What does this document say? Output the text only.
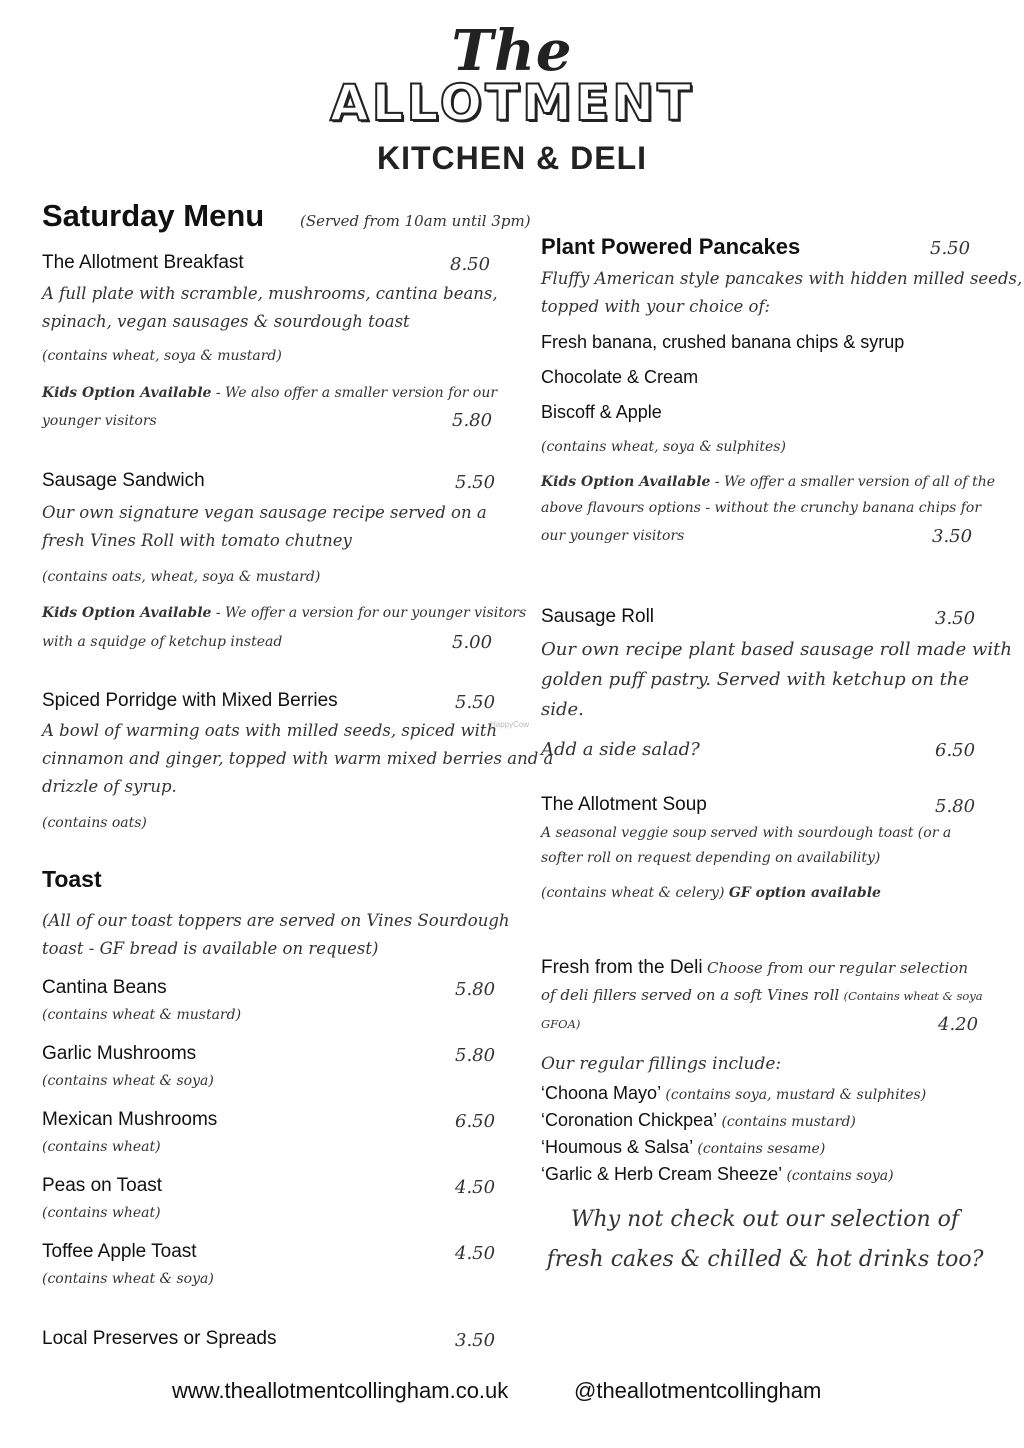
The
ALLOTMENT
KITCHEN & DELI
Saturday Menu (Served from 10am until 3pm)
The Allotment Breakfast	8.50
A full plate with scramble, mushrooms, cantina beans,
spinach, vegan sausages & sourdough toast
(contains wheat, soya & mustard)
Kids Option Available - We also offer a smaller version for our
younger visitors	5.80
Sausage Sandwich	5.50
Our own signature vegan sausage recipe served on a
fresh Vines Roll with tomato chutney
(contains oats, wheat, soya & mustard)
Kids Option Available - We offer a version for our younger visitors
with a squidge of ketchup instead	5.00
Spiced Porridge with Mixed Berries	5.50
HappyCow
A bowl of warming oats with milled seeds, spiced with
cinnamon and ginger, topped with warm mixed berries and a
drizzle of syrup.
(contains oats)
Toast
(All of our toast toppers are served on Vines Sourdough
toast - GF bread is available on request)
Cantina Beans	5.80
(contains wheat & mustard)
Garlic Mushrooms	5.80
(contains wheat & soya)
Mexican Mushrooms	6.50
(contains wheat)
Peas on Toast	4.50
(contains wheat)
Toffee Apple Toast	4.50
(contains wheat & soya)
Local Preserves or Spreads	3.50
Plant Powered Pancakes	5.50
Fluffy American style pancakes with hidden milled seeds,
topped with your choice of:
Fresh banana, crushed banana chips & syrup
Chocolate & Cream
Biscoff & Apple
(contains wheat, soya & sulphites)
Kids Option Available - We offer a smaller version of all of the
above flavours options - without the crunchy banana chips for
our younger visitors	3.50
Sausage Roll	3.50
Our own recipe plant based sausage roll made with
golden puff pastry. Served with ketchup on the
side.
Add a side salad?	6.50
The Allotment Soup	5.80
A seasonal veggie soup served with sourdough toast (or a
softer roll on request depending on availability)
(contains wheat & celery) GF option available
Fresh from the Deli Choose from our regular selection
of deli fillers served on a soft Vines roll (Contains wheat & soya
GFOA)	4.20
Our regular fillings include:
‘Choona Mayo’ (contains soya, mustard & sulphites)
‘Coronation Chickpea’ (contains mustard)
‘Houmous & Salsa’ (contains sesame)
‘Garlic & Herb Cream Sheeze’ (contains soya)
Why not check out our selection of
fresh cakes & chilled & hot drinks too?
www.theallotmentcollingham.co.uk	@theallotmentcollingham
